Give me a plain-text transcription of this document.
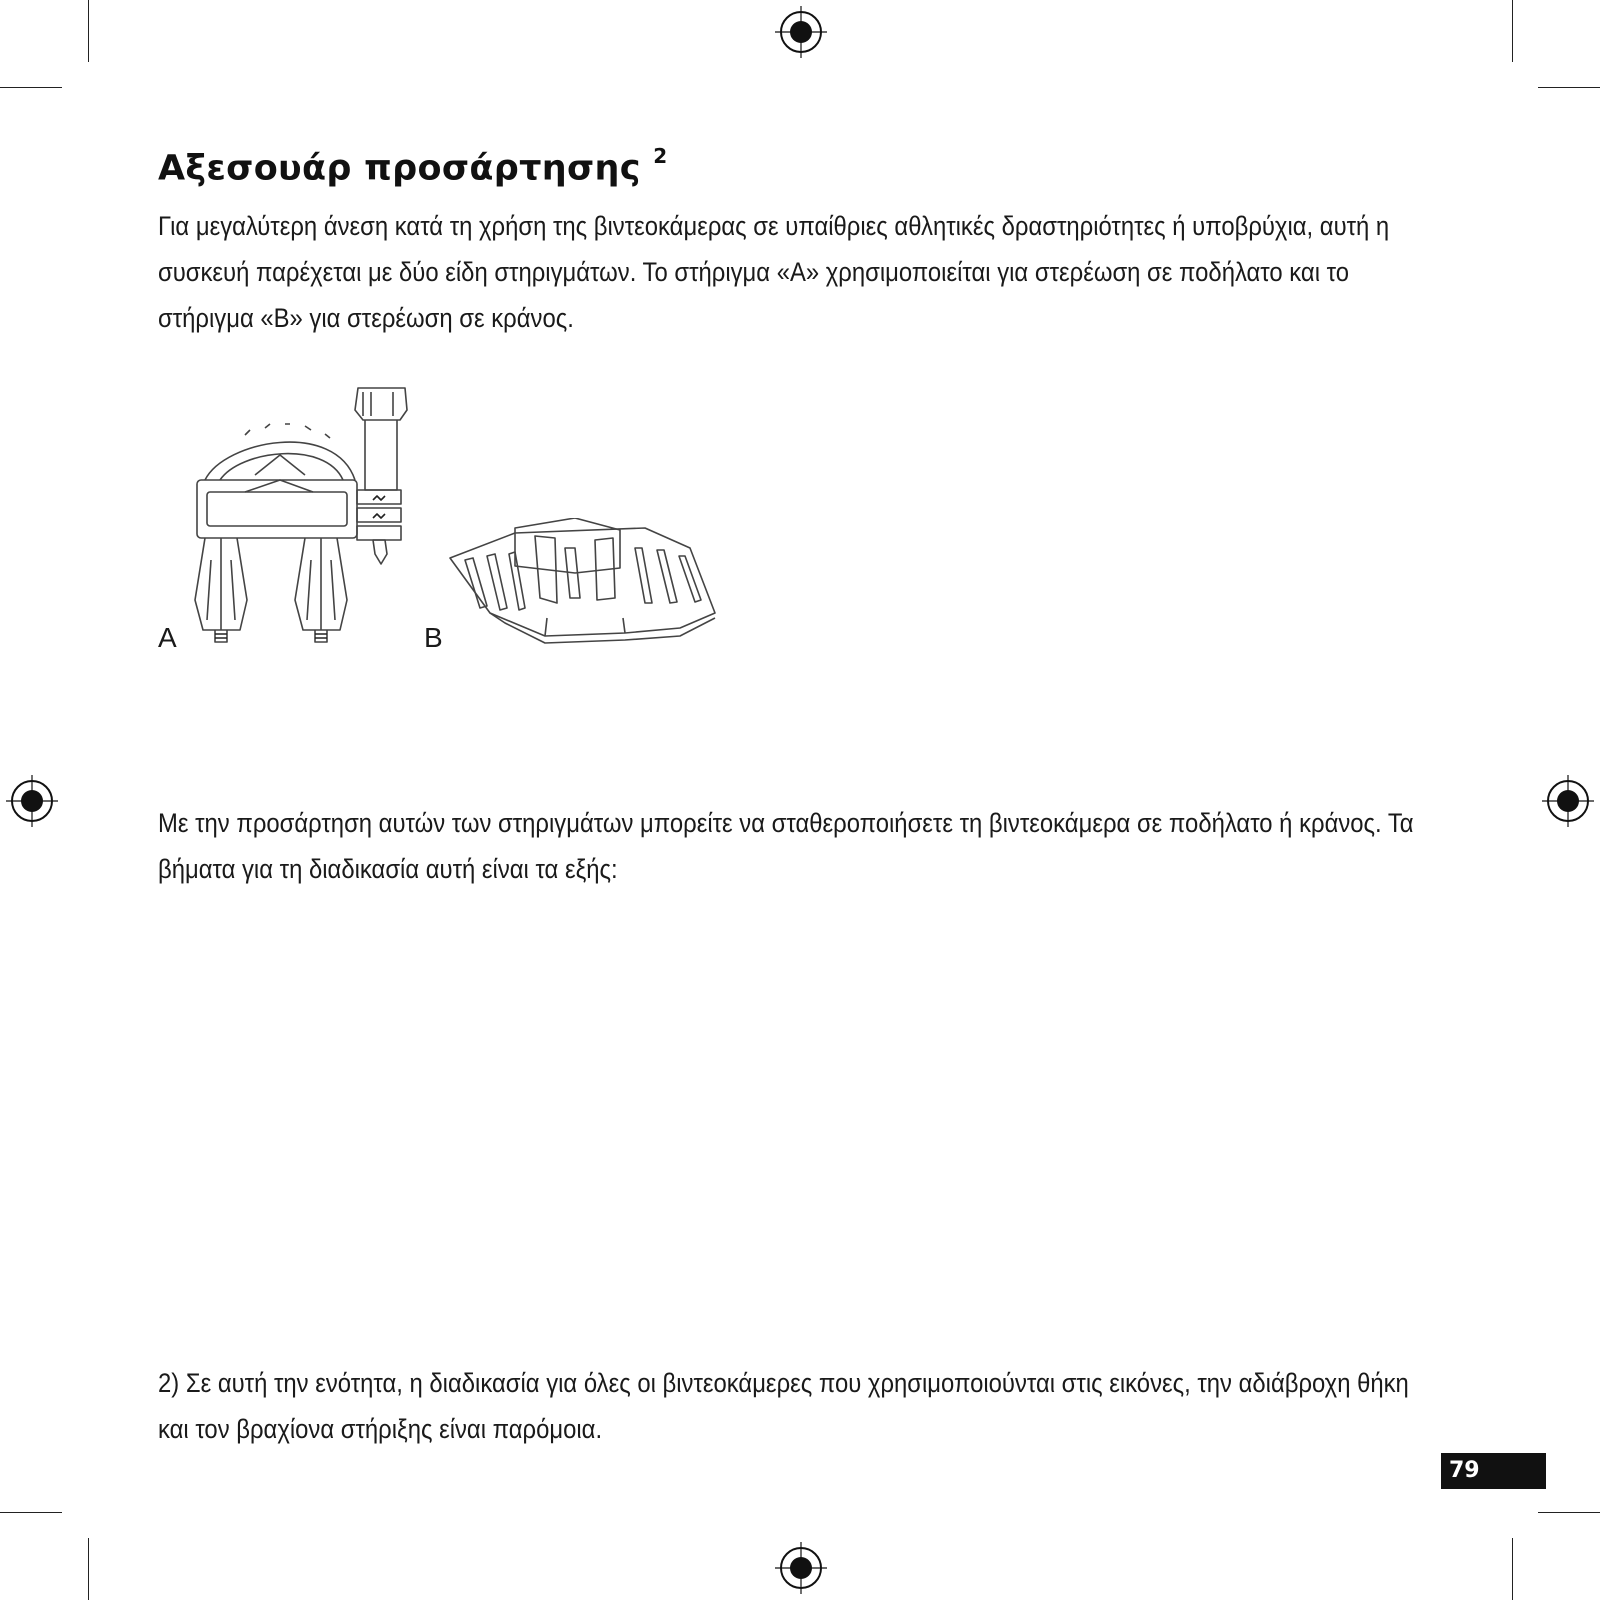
Αξεσουάρ προσάρτησης $^2$

Για μεγαλύτερη άνεση κατά τη χρήση της βιντεοκάμερας σε υπαίθριες αθλητικές δραστηριότητες ή υποβρύχια, αυτή η συσκευή παρέχεται με δύο είδη στηριγμάτων. Το στήριγμα «A» χρησιμοποιείται για στερέωση σε ποδήλατο και το στήριγμα «B» για στερέωση σε κράνος.

A	B

Με την προσάρτηση αυτών των στηριγμάτων μπορείτε να σταθεροποιήσετε τη βιντεοκάμερα σε ποδήλατο ή κράνος. Τα βήματα για τη διαδικασία αυτή είναι τα εξής:

2) Σε αυτή την ενότητα, η διαδικασία για όλες οι βιντεοκάμερες που χρησιμοποιούνται στις εικόνες, την αδιάβροχη θήκη και τον βραχίονα στήριξης είναι παρόμοια.

79
